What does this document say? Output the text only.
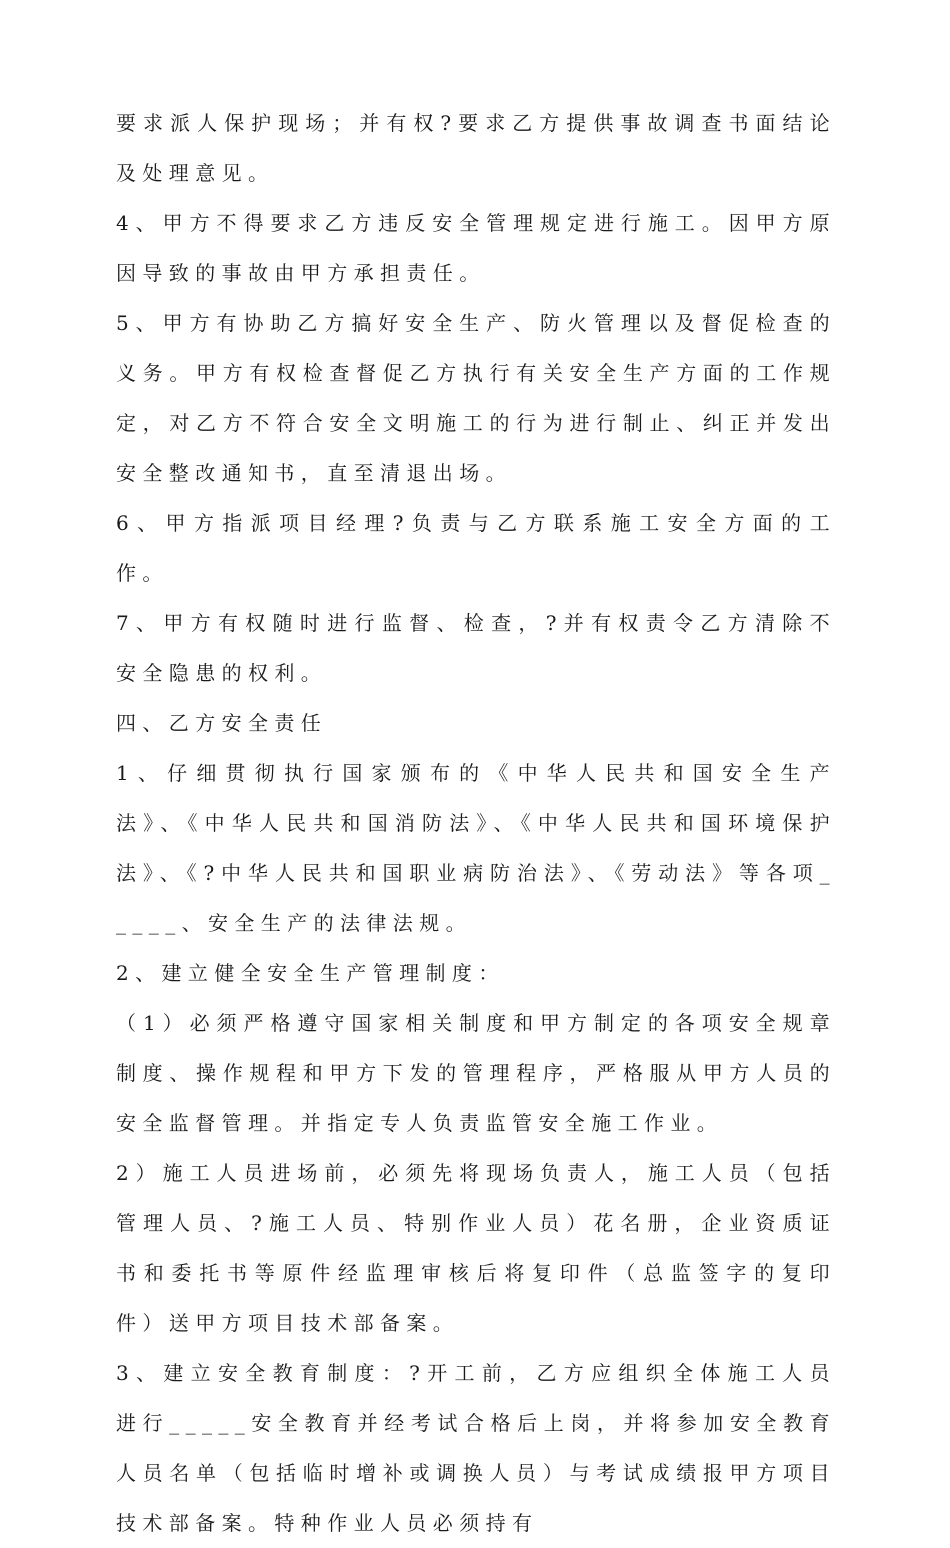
要求派人保护现场；并有权?要求乙方提供事故调查书面结论及处理意见。

4、甲方不得要求乙方违反安全管理规定进行施工。因甲方原因导致的事故由甲方承担责任。

5、甲方有协助乙方搞好安全生产、防火管理以及督促检查的义务。甲方有权检查督促乙方执行有关安全生产方面的工作规定，对乙方不符合安全文明施工的行为进行制止、纠正并发出安全整改通知书，直至清退出场。

6、甲方指派项目经理?负责与乙方联系施工安全方面的工作。

7、甲方有权随时进行监督、检查，?并有权责令乙方清除不安全隐患的权利。

四、乙方安全责任

1、仔细贯彻执行国家颁布的《中华人民共和国安全生产法》、《中华人民共和国消防法》、《中华人民共和国环境保护法》、《?中华人民共和国职业病防治法》、《劳动法》等各项_____、安全生产的法律法规。

2、建立健全安全生产管理制度：

（1）必须严格遵守国家相关制度和甲方制定的各项安全规章制度、操作规程和甲方下发的管理程序，严格服从甲方人员的安全监督管理。并指定专人负责监管安全施工作业。

2）施工人员进场前，必须先将现场负责人，施工人员（包括管理人员、?施工人员、特别作业人员）花名册，企业资质证书和委托书等原件经监理审核后将复印件（总监签字的复印件）送甲方项目技术部备案。

3、建立安全教育制度：?开工前，乙方应组织全体施工人员进行_____安全教育并经考试合格后上岗，并将参加安全教育人员名单（包括临时增补或调换人员）与考试成绩报甲方项目技术部备案。特种作业人员必须持有
